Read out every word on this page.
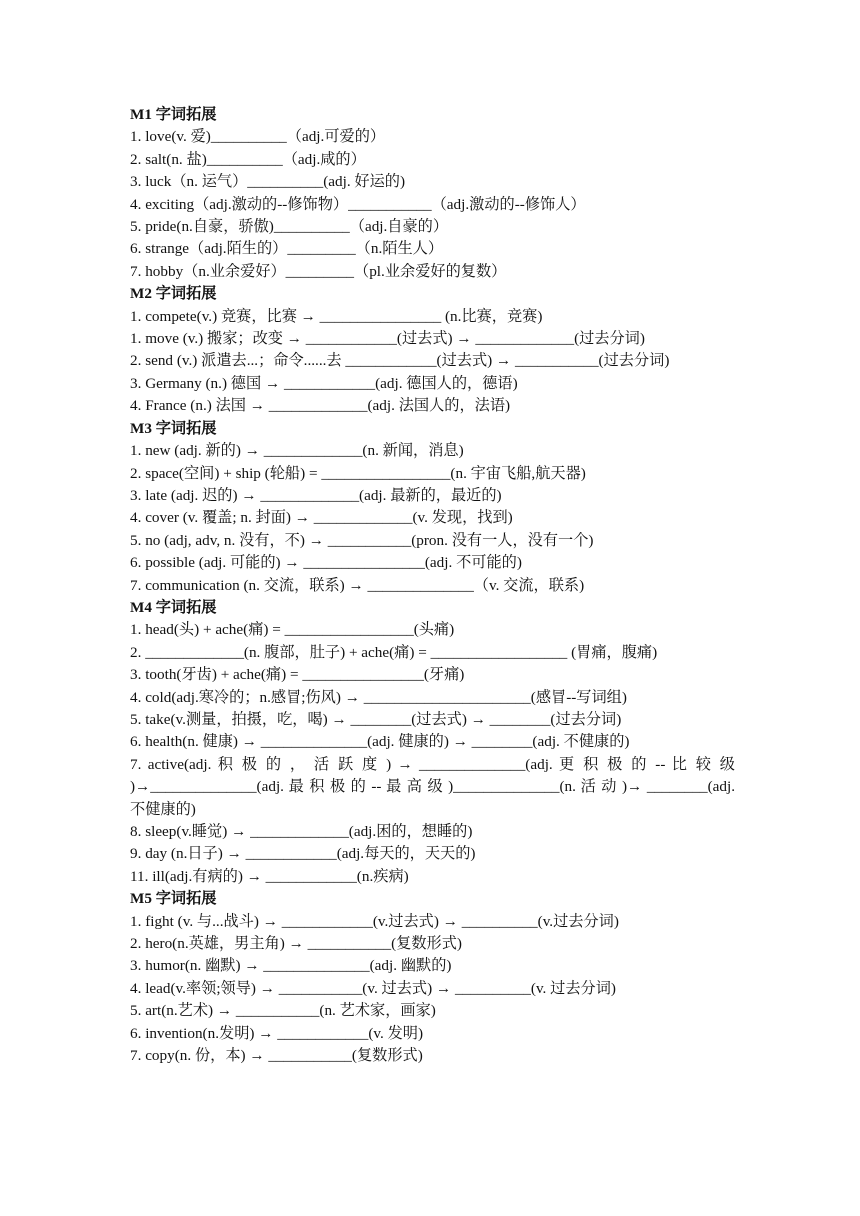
M1 字词拓展
1. love(v. 爱)__________（adj.可爱的）
2. salt(n. 盐)__________（adj.咸的）
3. luck（n. 运气）__________(adj. 好运的)
4. exciting（adj.激动的--修饰物）___________（adj.激动的--修饰人）
5. pride(n.自豪，骄傲)__________（adj.自豪的）
6. strange（adj.陌生的）_________（n.陌生人）
7. hobby（n.业余爱好）_________（pl.业余爱好的复数）
M2 字词拓展
1. compete(v.) 竞赛，比赛 → ________________ (n.比赛，竞赛)
1. move (v.) 搬家；改变 → ____________(过去式) → _____________(过去分词)
2. send (v.) 派遣去...；命令......去 ____________(过去式) → ___________(过去分词)
3. Germany (n.) 德国 → ____________(adj. 德国人的，德语)
4. France (n.) 法国 → _____________(adj. 法国人的，法语)
M3 字词拓展
1. new (adj. 新的) → _____________(n. 新闻，消息)
2. space(空间) + ship (轮船) = _________________(n. 宇宙飞船,航天器)
3. late (adj. 迟的) → _____________(adj. 最新的，最近的)
4. cover (v. 覆盖; n. 封面) → _____________(v. 发现，找到)
5. no (adj, adv, n. 没有，不) → ___________(pron. 没有一人，没有一个)
6. possible (adj. 可能的) → ________________(adj. 不可能的)
7. communication (n. 交流，联系) → ______________（v. 交流，联系)
M4 字词拓展
1. head(头) + ache(痛) = _________________(头痛)
2. _____________(n. 腹部，肚子) + ache(痛) = __________________ (胃痛，腹痛)
3. tooth(牙齿) + ache(痛) = ________________(牙痛)
4. cold(adj.寒冷的；n.感冒;伤风) → ______________________(感冒--写词组)
5. take(v.测量，拍摄，吃，喝) → ________(过去式) → ________(过去分词)
6. health(n. 健康) → ______________(adj. 健康的) → ________(adj. 不健康的)
7. active(adj. 积 极 的 ， 活 跃 度 ) → ______________(adj. 更 积 极 的 -- 比 较 级 )→______________(adj. 最 积 极 的 -- 最 高 级 )______________(n. 活 动 )→ ________(adj. 不健康的)
8. sleep(v.睡觉) → _____________(adj.困的，想睡的)
9. day (n.日子) → ____________(adj.每天的，天天的)
11. ill(adj.有病的) → ____________(n.疾病)
M5 字词拓展
1. fight (v. 与...战斗) → ____________(v.过去式) → __________(v.过去分词)
2. hero(n.英雄，男主角) → ___________(复数形式)
3. humor(n. 幽默) → ______________(adj. 幽默的)
4. lead(v.率领;领导) → ___________(v. 过去式) → __________(v. 过去分词)
5. art(n.艺术) → ___________(n. 艺术家，画家)
6. invention(n.发明) → ____________(v. 发明)
7. copy(n. 份，本) → ___________(复数形式)
